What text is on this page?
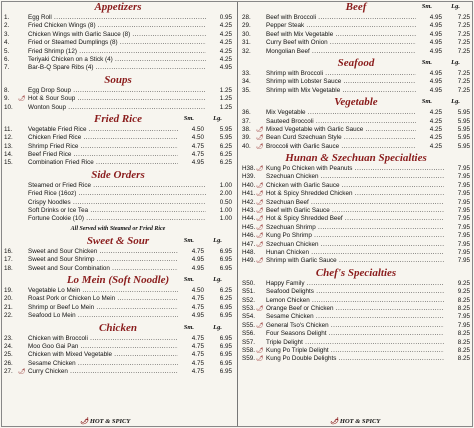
Appetizers
1.	Egg Roll .....	0.95
2.	Fried Chicken Wings (8) .....	4.25
3.	Chicken Wings with Garlic Sauce (8) .....	4.25
4.	Fried or Steamed Dumplings (8) .....	4.25
5.	Fried Shrimp (12) .....	4.25
6.	Teriyaki Chicken on a Stick (4) .....	4.25
7.	Bar-B-Q Spare Ribs (4) .....	4.95
Soups
8.	Egg Drop Soup .....	1.25
9.	🌶 Hot & Sour Soup .....	1.25
10.	Wonton Soup .....	1.25
Fried Rice	Sm.	Lg.
11.	Vegetable Fried Rice .....	4.50	5.95
12.	Chicken Fried Rice .....	4.50	5.95
13.	Shrimp Fried Rice .....	4.75	6.25
14.	Beef Fried Rice .....	4.75	6.25
15.	Combination Fried Rice .....	4.95	6.25
Side Orders
Steamed or Fried Rice .....	1.00
Fried Rice (16oz) .....	2.00
Crispy Noodles .....	0.50
Soft Drinks or Ice Tea .....	1.00
Fortune Cookie (10) .....	1.00
All Served with Steamed or Fried Rice
Sweet & Sour	Sm.	Lg.
16.	Sweet and Sour Chicken .....	4.75	6.95
17.	Sweet and Sour Shrimp .....	4.95	6.95
18.	Sweet and Sour Combination .....	4.95	6.95
Lo Mein (Soft Noodle)	Sm.	Lg.
19.	Vegetable Lo Mein .....	4.50	6.25
20.	Roast Pork or Chicken Lo Mein .....	4.75	6.25
21.	Shrimp or Beef Lo Mein .....	4.75	6.95
22.	Seafood Lo Mein .....	4.95	6.95
Chicken	Sm.	Lg.
23.	Chicken with Broccoli .....	4.75	6.95
24.	Moo Goo Gai Pan .....	4.75	6.95
25.	Chicken with Mixed Vegetable .....	4.75	6.95
26.	Sesame Chicken .....	4.75	6.95
27. 🌶 Curry Chicken .....	4.75	6.95
Beef	Sm.	Lg.
28.	Beef with Broccoli .....	4.95	7.25
29.	Pepper Steak .....	4.95	7.25
30.	Beef with Mix Vegetable .....	4.95	7.25
31.	Curry Beef with Onion .....	4.95	7.25
32.	Mongolian Beef .....	4.95	7.25
Seafood	Sm.	Lg.
33.	Shrimp with Broccoli .....	4.95	7.25
34.	Shrimp with Lobster Sauce .....	4.95	7.25
35.	Shrimp with Mix Vegetable .....	4.95	7.25
Vegetable	Sm.	Lg.
36.	Mix Vegetable .....	4.25	5.95
37.	Sauteed Broccoli .....	4.25	5.95
38. 🌶 Mixed Vegetable with Garlic Sauce .....	4.25	5.95
39. 🌶 Bean Curd Szechuan Style .....	4.25	5.95
40. 🌶 Broccoli with Garlic Sauce .....	4.25	5.95
Hunan & Szechuan Specialties
H38. 🌶 Kung Po Chicken with Peanuts .....	7.95
H39.	Szechuan Chicken .....	7.95
H40. 🌶 Chicken with Garlic Sauce .....	7.95
H41. 🌶 Hot & Spicy Shredded Chicken .....	7.95
H42. 🌶 Szechuan Beef .....	7.95
H43. 🌶 Beef with Garlic Sauce .....	7.95
H44. 🌶 Hot & Spicy Shredded Beef .....	7.95
H45. 🌶 Szechuan Shrimp .....	7.95
H46. 🌶 Kung Po Shrimp .....	7.95
H47. 🌶 Szechuan Chicken .....	7.95
H48.	Hunan Chicken .....	7.95
H49. 🌶 Shrimp with Garlic Sauce .....	7.95
Chef's Specialties
S50.	Happy Family .....	9.25
S51.	Seafood Delights .....	9.25
S52.	Lemon Chicken .....	8.25
S53. 🌶 Orange Beef or Chicken .....	8.25
S54.	Sesame Chicken .....	7.95
S55. 🌶 General Tso's Chicken .....	7.95
S56.	Four Seasons Delight .....	8.25
S57.	Triple Delight .....	8.25
S58. 🌶 Kung Po Triple Delight .....	8.25
S59. 🌶 Kung Po Double Delights .....	8.25
🌶 HOT & SPICY	🌶 HOT & SPICY
